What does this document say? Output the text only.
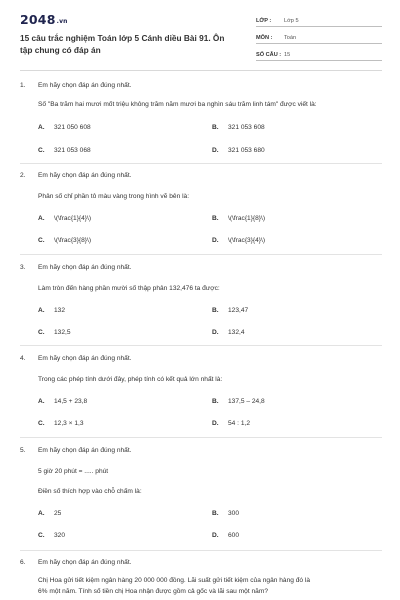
2048.vn
15 câu trắc nghiệm Toán lớp 5 Cánh diều Bài 91. Ôn tập chung có đáp án
LỚP :	Lớp 5
MÔN :	Toán
SỐ CÂU : 15
1. Em hãy chọn đáp án đúng nhất.
Số "Ba trăm hai mươi mốt triệu không trăm năm mươi ba nghìn sáu trăm linh tám" được viết là:
A. 321 050 608	B. 321 053 608
C. 321 053 068	D. 321 053 680
2. Em hãy chọn đáp án đúng nhất.
Phân số chỉ phần tô màu vàng trong hình vẽ bên là:
A. \(\frac{1}{4}\)	B. \(\frac{1}{8}\)
C. \(\frac{3}{8}\)	D. \(\frac{3}{4}\)
3. Em hãy chọn đáp án đúng nhất.
Làm tròn đến hàng phần mười số thập phân 132,476 ta được:
A. 132	B. 123,47
C. 132,5	D. 132,4
4. Em hãy chọn đáp án đúng nhất.
Trong các phép tính dưới đây, phép tính có kết quả lớn nhất là:
A. 14,5 + 23,8	B. 137,5 – 24,8
C. 12,3 × 1,3	D. 54 : 1,2
5. Em hãy chọn đáp án đúng nhất.
5 giờ 20 phút = ..... phút
Điền số thích hợp vào chỗ chấm là:
A. 25	B. 300
C. 320	D. 600
6. Em hãy chọn đáp án đúng nhất.
Chị Hoa gửi tiết kiệm ngân hàng 20 000 000 đồng. Lãi suất gửi tiết kiệm của ngân hàng đó là
6% một năm. Tính số tiền chị Hoa nhận được gồm cả gốc và lãi sau một năm?
